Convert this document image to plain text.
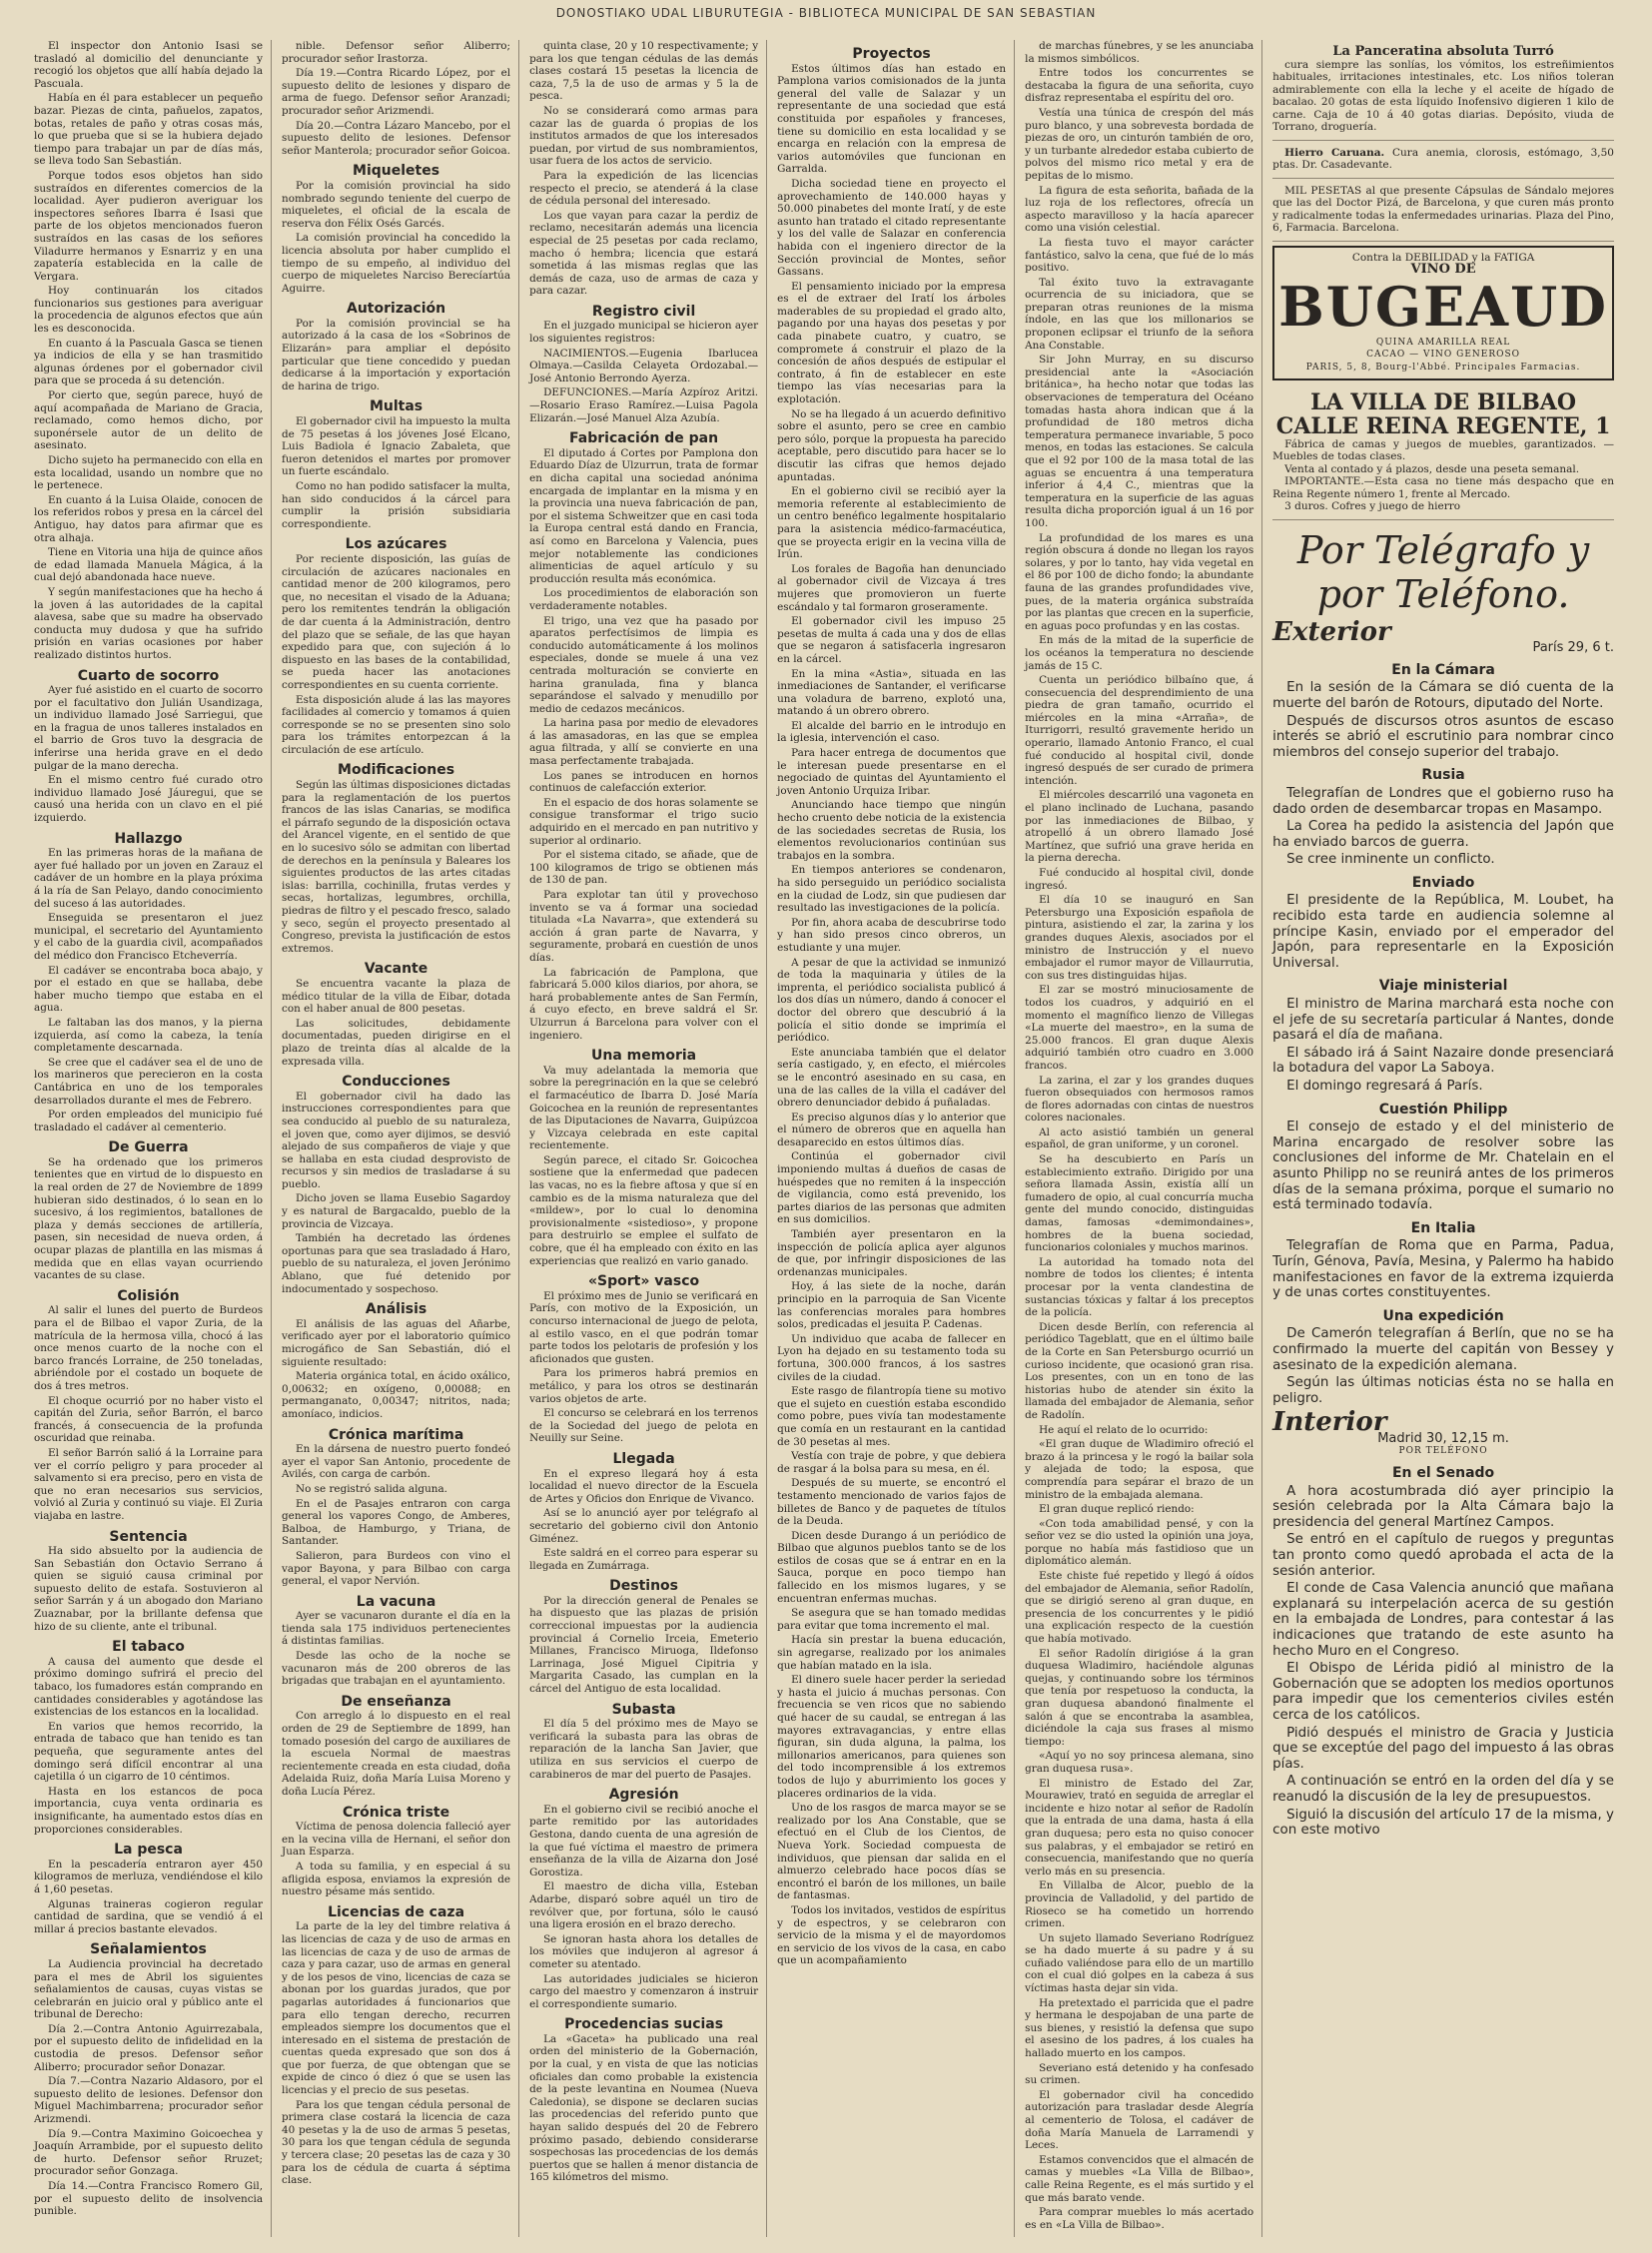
DONOSTIAKO UDAL LIBURUTEGIA - BIBLIOTECA MUNICIPAL DE SAN SEBASTIAN

El inspector don Antonio Isasi se trasladó al domicilio del denunciante y recogió los objetos que allí había dejado la Pascuala.

Había en él para establecer un pequeño bazar. Piezas de cinta, pañuelos, zapatos, botas, retales de paño y otras cosas más, lo que prueba que si se la hubiera dejado tiempo para trabajar un par de días más, se lleva todo San Sebastián.

Porque todos esos objetos han sido sustraídos en diferentes comercios de la localidad. Ayer pudieron averiguar los inspectores señores Ibarra é Isasi que parte de los objetos mencionados fueron sustraídos en las casas de los señores Viladurre hermanos y Esnarriz y en una zapatería establecida en la calle de Vergara.

Hoy continuarán los citados funcionarios sus gestiones para averiguar la procedencia de algunos efectos que aún les es desconocida.

En cuanto á la Pascuala Gasca se tienen ya indicios de ella y se han trasmitido algunas órdenes por el gobernador civil para que se proceda á su detención.

Por cierto que, según parece, huyó de aquí acompañada de Mariano de Gracia, reclamado, como hemos dicho, por suponérsele autor de un delito de asesinato.

Dicho sujeto ha permanecido con ella en esta localidad, usando un nombre que no le pertenece.

En cuanto á la Luisa Olaide, conocen de los referidos robos y presa en la cárcel del Antiguo, hay datos para afirmar que es otra alhaja.

Tiene en Vitoria una hija de quince años de edad llamada Manuela Mágica, á la cual dejó abandonada hace nueve.

Y según manifestaciones que ha hecho á la joven á las autoridades de la capital alavesa, sabe que su madre ha observado conducta muy dudosa y que ha sufrido prisión en varias ocasiones por haber realizado distintos hurtos.

Cuarto de socorro

Ayer fué asistido en el cuarto de socorro por el facultativo don Julián Usandizaga, un individuo llamado José Sarriegui, que en la fragua de unos talleres instalados en el barrio de Gros tuvo la desgracia de inferirse una herida grave en el dedo pulgar de la mano derecha.

En el mismo centro fué curado otro individuo llamado José Jáuregui, que se causó una herida con un clavo en el pié izquierdo.

Hallazgo

En las primeras horas de la mañana de ayer fué hallado por un joven en Zarauz el cadáver de un hombre en la playa próxima á la ría de San Pelayo, dando conocimiento del suceso á las autoridades.

Enseguida se presentaron el juez municipal, el secretario del Ayuntamiento y el cabo de la guardia civil, acompañados del médico don Francisco Etcheverría.

El cadáver se encontraba boca abajo, y por el estado en que se hallaba, debe haber mucho tiempo que estaba en el agua.

Le faltaban las dos manos, y la piernа izquierda, así como la cabeza, la tenía completamente descarnada.

Se cree que el cadáver sea el de uno de los marineros que perecieron en la costa Cantábrica en uno de los temporales desarrollados durante el mes de Febrero.

Por orden emplеados del municipio fué trasladado el cadáver al cementerio.

De Guerra

Se ha ordenado que los primeros tenientes que en virtud de lo dispuesto en la real orden de 27 de Noviembre de 1899 hubieran sido destinados, ó lo sean en lo sucesivo, á los regimientos, batallones de plaza y demás secciones de artillería, pasen, sin necesidad de nueva orden, á ocupar plazas de plantilla en las mismas á medida que en ellas vayan ocurriendo vacantes de su clase.

Colisión

Al salir el lunes del puerto de Burdeos para el de Bilbao el vapor Zuria, de la matrícula de la hermosa villa, chocó á las once menos cuarto de la noche con el barco francés Lorraine, de 250 toneladas, abriéndole por el costado un boquete de dos á tres metros.

El choque ocurrió por no haber visto el capitán del Zuria, señor Barrón, el barco francés, á consecuencia de la profunda oscuridad que reinaba.

El señor Barrón salió á la Lorraine para ver el corrío peligro y para proceder al salvamento si era preciso, pero en vista de que no eran necesarios sus servicios, volvió al Zuria y continuó su viaje. El Zuria viajaba en lastre.

Sentencia

Ha sido absuelto por la audiencia de San Sebastián don Octavio Serrano á quien se siguió causa criminal por supuesto delito de estafa. Sostuvieron al señor Sarrán y á un abogado don Mariano Zuaznabar, por la brillante defensa que hizo de su cliente, ante el tribunal.

El tabaco

A causa del aumento que desde el próximo domingo sufrirá el precio del tabaco, los fumadores están comprando en cantidades considerables y agotándose las existencias de los estancos en la localidad.

En varios que hemos recorrido, la entrada de tabaco que han tenido es tan pequeña, que seguramente antes del domingo será difícil encontrar al una cajetilla ó un cigarro de 10 céntimos.

Hasta en los estancos de poca importancia, cuya venta ordinaria es insignificante, ha aumentado estos días en proporciones considerables.

La pesca

En la pescadería entraron ayer 450 kilogramos de merluza, vendiéndose el kilo á 1,60 pesetas.

Algunas traineras cogieron regular cantidad de sardina, que se vendió á el millar á precios bastante elevados.

Señalamientos

La Audiencia provincial ha decretado para el mes de Abril los siguientes señalamientos de causas, cuyas vistas se celebrarán en juicio oral y público ante el tribunal de Derecho:

Día 2.—Contra Antonio Aguirrezabala, por el supuesto delito de infidelidad en la custodia de presos. Defensor señor Aliberro; procurador señor Donazar.

Día 7.—Contra Nazario Aldasoro, por el supuesto delito de lesiones. Defensor don Miguel Machimbarrena; procurador señor Arizmendi.

Día 9.—Contra Maximino Goicoechea y Joaquín Arrambide, por el supuesto delito de hurto. Defensor señor Rruzet; procurador señor Gonzaga.

Día 14.—Contra Francisco Romero Gil, por el supuesto delito de insolvencia punible.

nible. Defensor señor Aliberro; procurador señor Irastorza.

Día 19.—Contra Ricardo López, por el supuesto delito de lesiones y disparo de arma de fuego. Defensor señor Aranzadi; procurador señor Arizmendi.

Día 20.—Contra Lázaro Mancebo, por el supuesto delito de lesiones. Defensor señor Manterola; procurador señor Goicoa.

Miqueletes

Por la comisión provincial ha sido nombrado segundo teniente del cuerpo de miqueletes, el oficial de la escala de reserva don Félix Osés Garcés.

La comisión provincial ha concedido la licencia absoluta por haber cumplido el tiempo de su empeño, al individuo del cuerpo de miqueletes Narciso Berecíartúa Aguirre.

Autorización

Por la comisión provincial se ha autorizado á la casa de los «Sobrinos de Elizarán» para ampliar el depósito particular que tiene concedido y puedan dedicarse á la importación y exportación de harina de trigo.

Multas

El gobernador civil ha impuesto la multa de 75 pesetas á los jóvenes José Elcano, Luis Badiola é Ignacio Zabaleta, que fueron detenidos el martes por promover un fuerte escándalo.

Como no han podido satisfacer la multa, han sido conducidos á la cárcel para cumplir la prisión subsidiaria correspondiente.

Los azúcares

Por reciente disposición, las guías de circulación de azúcares nacionales en cantidad menor de 200 kilogramos, pero que, no necesitan el visado de la Aduana; pero los remitentes tendrán la obligación de dar cuenta á la Administración, dentro del plazo que se señale, de las que hayan expedido para que, con sujeción á lo dispuesto en las bases de la contabilidad, se pueda hacer las anotaciones correspondientes en su cuenta corriente.

Esta disposición alude á las las mayores facilidades al comercio y tomamos á quien corresponde se no se presenten sino solo para los trámites entorpezcan á la circulación de ese artículo.

Modificaciones

Según las últimas disposiciones dictadas para la reglamentación de los puertos francos de las islas Canarias, se modifica el párrafo segundo de la disposición octava del Arancel vigente, en el sentido de que en lo sucesivo sólo se admitan con libertad de derechos en la península y Baleares los siguientes productos de las artes citadas islas: barrilla, cochinilla, frutas verdes y secas, hortalizas, legumbres, orchilla, piedras de filtro y el pescado fresco, salado y seco, según el proyecto presentado al Congreso, prevista la justificación de estos extremos.

Vacante

Se encuentra vacante la plaza de médico titular de la villa de Eibar, dotada con el haber anual de 800 pesetas.

Las solicitudes, debidamente documentadas, pueden dirigirse en el plazo de treinta días al alcalde de la expresada villa.

Conducciones

El gobernador civil ha dado las instrucciones correspondientes para que sea conducido al pueblo de su naturaleza, el joven que, como ayer dijimos, se desvió alejado de sus compañeros de viaje y que se hallaba en esta ciudad desprovisto de recursos y sin medios de trasladarse á su pueblo.

Dicho joven se llama Eusebio Sagardoy y es natural de Bargacaldo, pueblo de la provincia de Vizcaya.

También ha decretado las órdenes oportunas para que sea trasladado á Haro, pueblo de su naturaleza, el joven Jerónimo Ablano, que fué detenido por indocumentado y sospechoso.

Análisis

El análisis de las aguas del Añarbe, verificado ayer por el laboratorio químico microgáfico de San Sebastián, dió el siguiente resultado:

Materia orgánica total, en ácido oxálico, 0,00632; en oxígeno, 0,00088; en permanganato, 0,00347; nitritos, nada; amoníaco, indicios.

Crónica marítima

En la dársena de nuestro puerto fondeó ayer el vapor San Antonio, procedente de Avilés, con carga de carbón.

No se registró salida alguna.

En el de Pasajes entraron con carga general los vapores Congo, de Amberes, Balboa, de Hamburgo, y Triana, de Santander.

Salieron, para Burdeos con vino el vapor Bayona, y para Bilbao con carga general, el vapor Nervión.

La vacuna

Ayer se vacunaron durante el día en la tienda sala 175 individuos pertenecientes á distintas familias.

Desde las ocho de la noche se vacunaron más de 200 obreros de las brigadas que trabajan en el ayuntamiento.

De enseñanza

Con arreglo á lo dispuesto en el real orden de 29 de Septiembre de 1899, han tomado posesión del cargo de auxiliares de la escuela Normal de maestras recientemente creada en esta ciudad, doña Adelaida Ruiz, doña María Luisa Moreno y doña Lucía Pérez.

Crónica triste

Víctima de penosa dolencia falleció ayer en la vecina villa de Hernani, el señor don Juan Esparza.

A toda su familia, y en especial á su afligida esposa, enviamos la expresión de nuestro pésame más sentido.

Licencias de caza

La parte de la ley del timbre relativa á las licencias de caza y de uso de armas en las licencias de caza y de uso de armas de caza y para cazar, uso de armas en general y de los pesos de vino, licencias de caza se abonan por los guardas jurados, que por pagarlas autoridades á funcionarios que para ello tengan derecho, recurren empleados siempre los documentos que el interesado en el sistema de prestación de cuentas queda expresado que son dos á que por fuerza, de que obtengan que se expide de cinco ó diez ó que se usen las licencias y el precio de sus pesetas.

Para los que tengan cédula personal de primera clase costará la licencia de caza 40 pesetas y la de uso de armas 5 pesetas, 30 para los que tengan cédula de segunda y tercera clase; 20 pesetas las de caza y 30 para los de cédula de cuarta á séptima clase.

quinta clase, 20 y 10 respectivamente; y para los que tengan cédulas de las demás clases costará 15 pesetas la licencia de caza, 7,5 la de uso de armas y 5 la de pesca.

No se considerará como armas para cazar las de guarda ó propias de los institutos armados de que los interesados puedan, por virtud de sus nombramientos, usar fuera de los actos de servicio.

Para la expedición de las licencias respecto el precio, se atenderá á la clase de cédula personal del interesado.

Los que vayan para cazar la perdiz de reclamo, necesitarán además una licencia especial de 25 pesetas por cada reclamo, macho ó hembra; licencia que estará sometida á las mismas reglas que las demás de caza, uso de armas de caza y para cazar.

Registro civil

En el juzgado municipal se hicieron ayer los siguientes registros:

NACIMIENTOS.—Eugenia Ibarlucea Olmaya.—Casilda Celayeta Ordozabal.—José Antonio Berrondo Ayerza.

DEFUNCIONES.—María Azpíroz Aritzi.—Rosario Eraso Ramírez.—Luisa Pagola Elizarán.—José Manuel Alza Azubía.

Fabricación de pan

El diputado á Cortes por Pamplona don Eduardo Díaz de Ulzurrun, trata de formar en dicha capital una sociedad anónima encargada de implantar en la misma y en la provincia una nueva fabricación de pan, por el sistema Schweitzer que en casi toda la Europa central está dando en Francia, así como en Barcelona y Valencia, pues mejor notablemente las condiciones alimenticias de aquel artículo y su producción resulta más económica.

Los procedimientos de elaboración son verdaderamente notables.

El trigo, una vez que ha pasado por aparatos perfectísimos de limpia es conducido automáticamente á los molinos especiales, donde se muele á una vez centrada molturación se convierte en harina granulada, fina y blanca separándose el salvado y menudillo por medio de cedazos mecánicos.

La harina pasa por medio de elevadores á las amasadoras, en las que se emplea agua filtrada, y allí se convierte en una masa perfectamente trabajada.

Los panes se introducen en hornos continuos de calefacción exterior.

En el espacio de dos horas solamente se consigue transformar el trigo sucio adquirido en el mercado en pan nutritivo y superior al ordinario.

Por el sistema citado, se añade, que de 100 kilogramos de trigo se obtienen más de 130 de pan.

Para explotar tan útil y provechoso invento se va á formar una sociedad titulada «La Navarra», que extenderá su acción á gran parte de Navarra, y seguramente, probará en cuestión de unos días.

La fabricación de Pamplona, que fabricará 5.000 kilos diarios, por ahora, se hará probablemente antes de San Fermín, á cuyo efecto, en breve saldrá el Sr. Ulzurrun á Barcelona para volver con el ingeniero.

Una memoria

Va muy adelantada la memoria que sobre la peregrinación en la que se celebró el farmacéutico de Ibarra D. José María Goicochea en la reunión de representantes de las Diputaciones de Navarra, Guipúzcoa y Vizcaya celebrada en este capital recientemente.

Según parece, el citado Sr. Goicochea sostiene que la enfermedad que padecen las vacas, no es la fiebre aftosa y que sí en cambio es de la misma naturaleza que del «mildew», por lo cual lo denomina provisionalmente «sistedioso», y propone para destruirlo se emplee el sulfato de cobre, que él ha empleado con éxito en las experiencias que realizó en vario ganado.

«Sport» vasco

El próximo mes de Junio se verificará en París, con motivo de la Exposición, un concurso internacional de juego de pelota, al estilo vasco, en el que podrán tomar parte todos los pelotaris de profesión y los aficionados que gusten.

Para los primeros habrá premios en metálico, y para los otros se destinarán varios objetos de arte.

El concurso se celebrará en los terrenos de la Sociedad del juego de pelota en Neuilly sur Seine.

Llegada

En el expreso llegará hoy á esta localidad el nuevo director de la Escuela de Artes y Oficios don Enrique de Vivanco.

Así se lo anunció ayer por telégrafo al secretario del gobierno civil don Antonio Giménez.

Este saldrá en el correo para esperar su llegada en Zumárraga.

Destinos

Por la dirección general de Penales se ha dispuesto que las plazas de prisión correccional impuestas por la audiencia provincial á Cornelio Irceia, Emeterio Millanes, Francisco Miruoga, Ildefonso Larrinaga, José Miguel Cipitria y Margarita Casado, las cumplan en la cárcel del Antiguo de esta localidad.

Subasta

El día 5 del próximo mes de Mayo se verificará la subasta para las obras de reparación de la lancha San Javier, que utiliza en sus servicios el cuerpo de carabineros de mar del puerto de Pasajes.

Agresión

En el gobierno civil se recibió anoche el parte remitido por las autoridades Gestona, dando cuenta de una agresión de la que fué víctima el maestro de primera enseñanza de la villa de Aizarna don José Gorostiza.

El maestro de dicha villa, Esteban Adarbe, disparó sobre aquél un tiro de revólver que, por fortuna, sólo le causó una ligera erosión en el brazo derecho.

Se ignoran hasta ahora los detalles de los móviles que indujeron al agresor á cometer su atentado.

Las autoridades judiciales se hicieron cargo del maestro y comenzaron á instruir el correspondiente sumario.

Procedencias sucias

La «Gaceta» ha publicado una real orden del ministerio de la Gobernación, por la cual, y en vista de que las noticias oficiales dan como probable la existencia de la peste levantina en Noumea (Nueva Caledonia), se dispone se declaren sucias las procedencias del referido punto que hayan salido después del 20 de Febrero próximo pasado, debiendo considerarse sospechosas las procedencias de los demás puertos que se hallen á menor distancia de 165 kilómetros del mismo.

Proyectos

Estos últimos días han estado en Pamplona varios comisionados de la junta general del valle de Salazar y un representante de una sociedad que está constituida por españoles y franceses, tiene su domicilio en esta localidad y se encarga en relación con la empresa de varios automóviles que funcionan en Garralda.

Dicha sociedad tiene en proyecto el aprovechamiento de 140.000 hayas y 50.000 pinabetes del monte Iratí, y de este asunto han tratado el citado representante y los del valle de Salazar en conferencia habida con el ingeniero director de la Sección provincial de Montes, señor Gassans.

El pensamiento iniciado por la empresa es el de extraer del Iratí los árboles maderables de su propiedad el grado alto, pagando por una hayas dos pesetas y por cada pinabete cuatro, y cuatro, se compromete á construir el plazo de la concesión de años después de estipular el contrato, á fin de establecer en este tiempo las vías necesarias para la explotación.

No se ha llegado á un acuerdo definitivo sobre el asunto, pero se cree en cambio pero sólo, porque la propuesta ha parecido aceptable, pero discutido para hacer se lo discutir las cifras que hemos dejado apuntadas.

En el gobierno civil se recibió ayer la memoria referente al establecimiento de un centro benéfico legalmente hospitalario para la asistencia médico-farmacéutica, que se proyecta erigir en la vecina villa de Irún.

Los forales de Bagoña han denunciado al gobernador civil de Vizcaya á tres mujeres que promovieron un fuerte escándalo y tal formaron groseramente.

El gobernador civil les impuso 25 pesetas de multa á cada una y dos de ellas que se negaron á satisfacerla ingresaron en la cárcel.

En la mina «Astia», situada en las inmediaciones de Santander, el verificarse una voladura de barreno, explotó una, matando á un obrero obrero.

El alcalde del barrio en le introdujo en la iglesia, intervención el caso.

Para hacer entrega de documentos que le interesan puede presentarse en el negociado de quintas del Ayuntamiento el joven Antonio Urquiza Iribar.

Anunciando hace tiempo que ningún hecho cruento debe noticia de la existencia de las sociedades secretas de Rusia, los elementos revolucionarios continúan sus trabajos en la sombra.

En tiempos anteriores se condenaron, ha sido perseguido un periódico socialista en la ciudad de Lodz, sin que pudiesen dar resultado las investigaciones de la policía.

Por fin, ahora acaba de descubrirse todo y han sido presos cinco obreros, un estudiante y una mujer.

A pesar de que la actividad se inmunizó de toda la maquinaria y útiles de la imprenta, el periódico socialista publicó á los dos días un número, dando á conocer el doctor del obrero que descubrió á la policía el sitio donde se imprimía el periódico.

Este anunciaba también que el delator sería castigado, y, en efecto, el miércoles se le encontró asesinado en su casa, en una de las calles de la villa el cadáver del obrero denunciador debido á puñaladas.

Es preciso algunos días y lo anterior que el número de obreros que en aquella han desaparecido en estos últimos días.

Continúa el gobernador civil imponiendo multas á dueños de casas de huéspedes que no remiten á la inspección de vigilancia, como está prevenido, los partes diarios de las personas que admiten en sus domicilios.

También ayer presentaron en la inspección de policía aplica ayer algunos de que, por infringir disposiciones de las ordenanzas municipales.

Hoy, á las siete de la noche, darán principio en la parroquia de San Vicente las conferencias morales para hombres solos, predicadas el jesuita P. Cadenas.

Un individuo que acaba de fallecer en Lyon ha dejado en su testamento toda su fortuna, 300.000 francos, á los sastres civiles de la ciudad.

Este rasgo de filantropía tiene su motivo que el sujeto en cuestión estaba escondido como pobre, pues vivía tan modestamente que comía en un restaurant en la cantidad de 30 pesetas al mes.

Vestía con traje de pobre, y que debiera de rasgar á la bolsa para su mesa, en él.

Después de su muerte, se encontró el testamento mencionado de varios fajos de billetes de Banco y de paquetes de títulos de la Deuda.

Dicen desde Durango á un periódico de Bilbao que algunos pueblos tanto se de los estilos de cosas que se á entrar en en la Sauca, porque en poco tiempo han fallecido en los mismos lugares, y se encuentran enfermas muchas.

Se asegura que se han tomado medidas para evitar que toma incremento el mal.

Hacía sin prestar la buena educación, sin agregarse, realizado por los animales que habían matado en la isla.

El dinero suele hacer perder la seriedad y hasta el juicio á muchas personas. Con frecuencia se ven ricos que no sabiendo qué hacer de su caudal, se entregan á las mayores extravagancias, y entre ellas figuran, sin duda alguna, la palma, los millonarios americanos, para quienes son del todo incomprensible á los extremos todos de lujo y aburrimiento los goces y placeres ordinarios de la vida.

Uno de los rasgos de marca mayor se se realizado por los Ana Constable, que se efectuó en el Club de los Cientos, de Nueva York. Sociedad compuesta de individuos, que piensan dar salida en el almuerzo celebrado hace pocos días se encontró el barón de los millones, un baile de fantasmas.

Todos los invitados, vestidos de espíritus y de espectros, y se celebraron con servicio de la misma y el de mayordomos en servicio de los vivos de la casa, en cabo que un acompañamiento

de marchas fúnebres, y se les anunciaba la mismos simbólicos.

Entre todos los concurrentes se destacaba la figura de una señorita, cuyo disfraz representaba el espíritu del oro.

Vestía una túnica de crespón del más puro blanco, y una sobrevesta bordada de piezas de oro, un cinturón también de oro, y un turbante alrededor estaba cubierto de polvos del mismo rico metal y era de pepitas de lo mismo.

La figura de esta señorita, bañada de la luz roja de los reflectores, ofrecía un aspecto maravilloso y la hacía aparecer como una visión celestial.

La fiesta tuvo el mayor carácter fantástico, salvo la cena, que fué de lo más positivo.

Tal éxito tuvo la extravagante ocurrencia de su iniciadora, que se preparan otras reuniones de la misma índole, en las que los millonarios se proponen eclipsar el triunfo de la señora Ana Constable.

Sir John Murray, en su discurso presidencial ante la «Asociación británica», ha hecho notar que todas las observaciones de temperatura del Océano tomadas hasta ahora indican que á la profundidad de 180 metros dicha temperatura permanece invariable, 5 poco menos, en todas las estaciones. Se calcula que el 92 por 100 de la masa total de las aguas se encuentra á una temperatura inferior á 4,4 C., mientras que la temperatura en la superficie de las aguas resulta dicha proporción igual á un 16 por 100.

La profundidad de los mares es una región obscura á donde no llegan los rayos solares, y por lo tanto, hay vida vegetal en el 86 por 100 de dicho fondo; la abundante fauna de las grandes profundidades vive, pues, de la materia orgánica substraída por las plantas que crecen en la superficie, en aguas poco profundas y en las costas.

En más de la mitad de la superficie de los océanos la temperatura no desciende jamás de 15 C.

Cuenta un periódico bilbaíno que, á consecuencia del desprendimiento de una piedra de gran tamaño, ocurrido el miércoles en la mina «Arraña», de Iturrigorri, resultó gravemente herido un operario, llamado Antonio Franco, el cual fué conducido al hospital civil, donde ingresó después de ser curado de primera intención.

El miércoles descarriló una vagoneta en el plano inclinado de Luchana, pasando por las inmediaciones de Bilbao, y atropelló á un obrero llamado José Martínez, que sufrió una grave herida en la pierna derecha.

Fué conducido al hospital civil, donde ingresó.

El día 10 se inauguró en San Petersburgo una Exposición española de pintura, asistiendo el zar, la zarina y los grandes duques Alexis, asociados por el ministro de Instrucción y el nuevo embajador el rumor mayor de Villaurrutia, con sus tres distinguidas hijas.

El zar se mostró minuciosamente de todos los cuadros, y adquirió en el momento el magnífico lienzo de Villegas «La muerte del maestro», en la suma de 25.000 francos. El gran duque Alexis adquirió también otro cuadro en 3.000 francos.

La zarina, el zar y los grandes duques fueron obsequiados con hermosos ramos de flores adornadas con cintas de nuestros colores nacionales.

Al acto asistió también un general español, de gran uniforme, y un coronel.

Se ha descubierto en París un establecimiento extraño. Dirigido por una señora llamada Assin, existía allí un fumadero de opio, al cual concurría mucha gente del mundo conocido, distinguidas damas, famosas «demimondaines», hombres de la buena sociedad, funcionarios coloniales y muchos marinos.

La autoridad ha tomado nota del nombre de todos los clientes; é intenta procesar por la venta clandestina de sustancias tóxicas y faltar á los preceptos de la policía.

Dicen desde Berlín, con referencia al periódico Tageblatt, que en el último baile de la Corte en San Petersburgo ocurrió un curioso incidente, que ocasionó gran risa. Los presentes, con un en tono de las historias hubo de atender sin éxito la llamada del embajador de Alemania, señor de Radolín.

He aquí el relato de lo ocurrido:

«El gran duque de Wladimiro ofreció el brazo á la princesa y le rogó la bailar sola y alejada de todo; la esposa, que comprendía para sepárar el brazo de un ministro de la embajada alemana.

El gran duque replicó riendo:

«Con toda amabilidad pensé, y con la señor vez se dio usted la opinión una joya, porque no había más fastidioso que un diplomático alemán.

Este chiste fué repetido y llegó á oídos del embajador de Alemania, señor Radolín, que se dirigió sereno al gran duque, en presencia de los concurrentes y le pidió una explicación respecto de la cuestión que había motivado.

El señor Radolín dirigióse á la gran duquesa Wladimiro, haciéndole algunas quejas, y continuando sobre los términos que tenía por respetuoso la conducta, la gran duquesa abandonó finalmente el salón á que se encontraba la asamblea, diciéndole la caja sus frases al mismo tiempo:

«Aquí yo no soy princesa alemana, sino gran duquesa rusa».

El ministro de Estado del Zar, Mourawiev, trató en seguida de arreglar el incidente e hizo notar al señor de Radolín que la entrada de una dama, hasta á ella gran duquesa; pero esta no quiso conocer sus palabras, y el embajador se retiró en consecuencia, manifestando que no quería verlo más en su presencia.

En Villalba de Alcor, pueblo de la provincia de Valladolid, y del partido de Rioseco se ha cometido un horrendo crimen.

Un sujeto llamado Severiano Rodríguez se ha dado muerte á su padre y á su cuñado valiéndose para ello de un martillo con el cual dió golpes en la cabeza á sus víctimas hasta dejar sin vida.

Ha pretextado el parricida que el padre y hermana le despojaban de una parte de sus bienes, y resistió la defensa que supo el asesino de los padres, á los cuales ha hallado muerto en los campos.

Severiano está detenido y ha confesado su crimen.

El gobernador civil ha concedido autorización para trasladar desde Alegría al cementerio de Tolosa, el cadáver de doña María Manuela de Larramendi y Leces.

Estamos convencidos que el almacén de camas y muebles «La Villa de Bilbao», calle Reina Regente, es el más surtido y el que más barato vende.

Para comprar muebles lo más acertado es en «La Villa de Bilbao».

La Panceratina absoluta Turró
cura siempre las sonlías, los vómitos, los estreñimientos habituales, irritaciones intestinales, etc. Los niños toleran admirablemente con ella la leche y el aceite de hígado de bacalao. 20 gotas de esta líquido Inofensivo digieren 1 kilo de carne. Caja de 10 á 40 gotas diarias. Depósito, viuda de Torrano, droguería.
Hierro Caruana. Cura anemia, clorosis, estómago, 3,50 ptas. Dr. Casadevante.
MIL PESETAS al que presente Cápsulas de Sándalo mejores que las del Doctor Pizá, de Barcelona, y que curen más pronto y radicalmente todas la enfermedades urinarias. Plaza del Pino, 6, Farmacia. Barcelona.
Contra la DEBILIDAD y la FATIGA
VINO DE
BUGEAUD
QUINA AMARILLA REAL
CACAO — VINO GENEROSO
PARIS, 5, 8, Bourg-l'Abbé. Principales Farmacias.
LA VILLA DE BILBAO
CALLE REINA REGENTE, 1
Fábrica de camas y juegos de muebles, garantizados. — Muebles de todas clases.
Venta al contado y á plazos, desde una peseta semanal.
IMPORTANTE.—Esta casa no tiene más despacho que en Reina Regente número 1, frente al Mercado.
3 duros. Cofres y juego de hierro
Por Telégrafo y por Teléfono.
Exterior
París 29, 6 t.
En la Cámara

En la sesión de la Cámara se dió cuenta de la muerte del barón de Rotours, diputado del Norte.

Después de discursos otros asuntos de escaso interés se abrió el escrutinio para nombrar cinco miembros del consejo superior del trabajo.

Rusia

Telegrafían de Londres que el gobierno ruso ha dado orden de desembarcar tropas en Masampo.

La Corea ha pedido la asistencia del Japón que ha enviado barcos de guerra.

Se cree inminente un conflicto.

Enviado

El presidente de la República, M. Loubet, ha recibido esta tarde en audiencia solemne al príncipe Kasin, enviado por el emperador del Japón, para representarle en la Exposición Universal.

Viaje ministerial

El ministro de Marina marchará esta noche con el jefe de su secretaría particular á Nantes, donde pasará el día de mañana.

El sábado irá á Saint Nazaire donde presenciará la botadura del vapor La Saboya.

El domingo regresará á París.

Cuestión Philipp

El consejo de estado y el del ministerio de Marina encargado de resolver sobre las conclusiones del informe de Mr. Chatelain en el asunto Philipp no se reunirá antes de los primeros días de la semana próxima, porque el sumario no está terminado todavía.

En Italia

Telegrafían de Roma que en Parma, Padua, Turín, Génova, Pavía, Mesina, y Palermo ha habido manifestaciones en favor de la extrema izquierda y de unas cortes constituyentes.

Una expedición

De Camerón telegrafían á Berlín, que no se ha confirmado la muerte del capitán von Bessey y asesinato de la expedición alemana.

Según las últimas noticias ésta no se halla en peligro.

Interior
Madrid 30, 12,15 m.
POR TELÉFONO
En el Senado

A hora acostumbrada dió ayer principio la sesión celebrada por la Alta Cámara bajo la presidencia del general Martínez Campos.

Se entró en el capítulo de ruegos y preguntas tan pronto como quedó aprobada el acta de la sesión anterior.

El conde de Casa Valencia anunció que mañana explanará su interpelación acerca de su gestión en la embajada de Londres, para contestar á las indicaciones que tratando de este asunto ha hecho Muro en el Congreso.

El Obispo de Lérida pidió al ministro de la Gobernación que se adopten los medios oportunos para impedir que los cementerios civiles estén cerca de los católicos.

Pidió después el ministro de Gracia y Justicia que se exceptúe del pago del impuesto á las obras pías.

A continuación se entró en la orden del día y se reanudó la discusión de la ley de presupuestos.

Siguió la discusión del artículo 17 de la misma, y con este motivo
